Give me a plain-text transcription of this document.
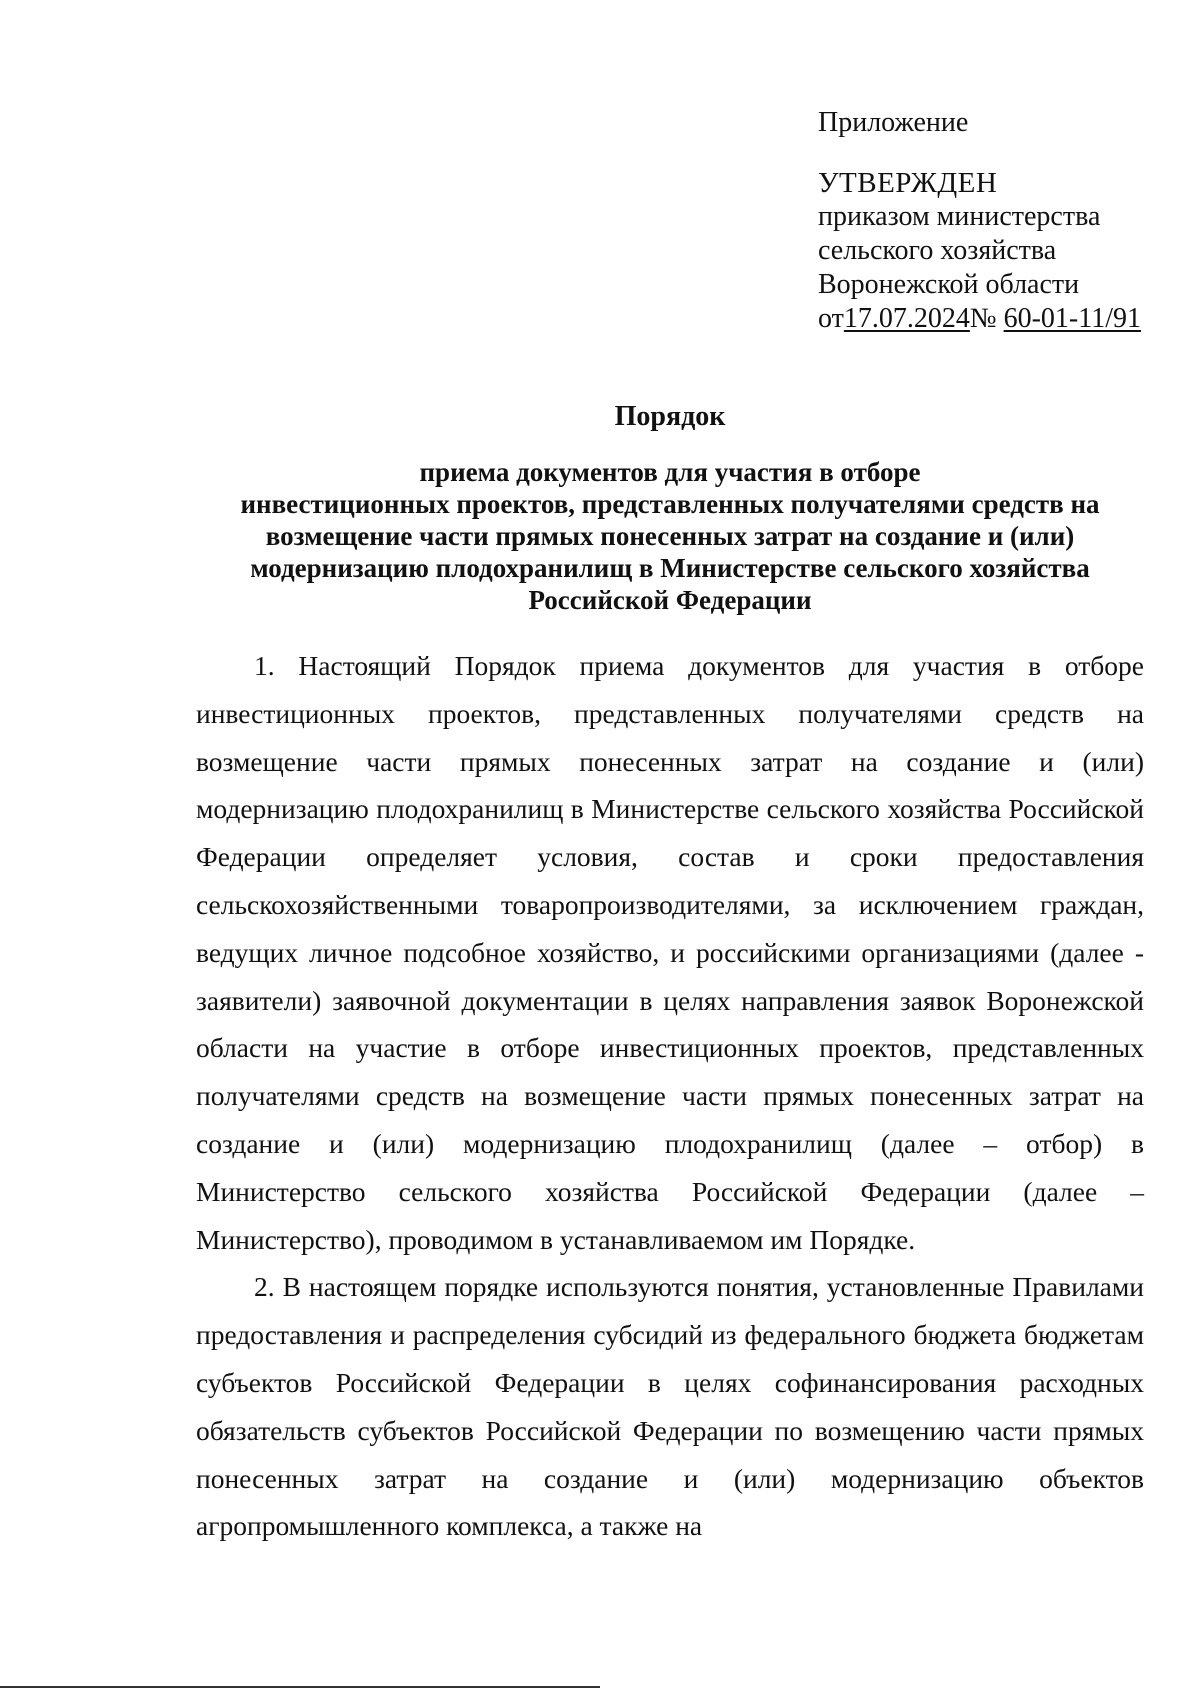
Приложение
УТВЕРЖДЕН
приказом министерства
сельского хозяйства
Воронежской области
от17.07.2024№ 60-01-11/91
Порядок
приема документов для участия в отборе
инвестиционных проектов, представленных получателями средств на
возмещение части прямых понесенных затрат на создание и (или)
модернизацию плодохранилищ в Министерстве сельского хозяйства
Российской Федерации

1. Настоящий Порядок приема документов для участия в отборе инвестиционных проектов, представленных получателями средств на возмещение части прямых понесенных затрат на создание и (или) модернизацию плодохранилищ в Министерстве сельского хозяйства Российской Федерации определяет условия, состав и сроки предоставления сельскохозяйственными товаропроизводителями, за исключением граждан, ведущих личное подсобное хозяйство, и российскими организациями (далее - заявители) заявочной документации в целях направления заявок Воронежской области на участие в отборе инвестиционных проектов, представленных получателями средств на возмещение части прямых понесенных затрат на создание и (или) модернизацию плодохранилищ (далее – отбор) в Министерство сельского хозяйства Российской Федерации (далее – Министерство), проводимом в устанавливаемом им Порядке.

2. В настоящем порядке используются понятия, установленные Правилами предоставления и распределения субсидий из федерального бюджета бюджетам субъектов Российской Федерации в целях софинансирования расходных обязательств субъектов Российской Федерации по возмещению части прямых понесенных затрат на создание и (или) модернизацию объектов агропромышленного комплекса, а также на
